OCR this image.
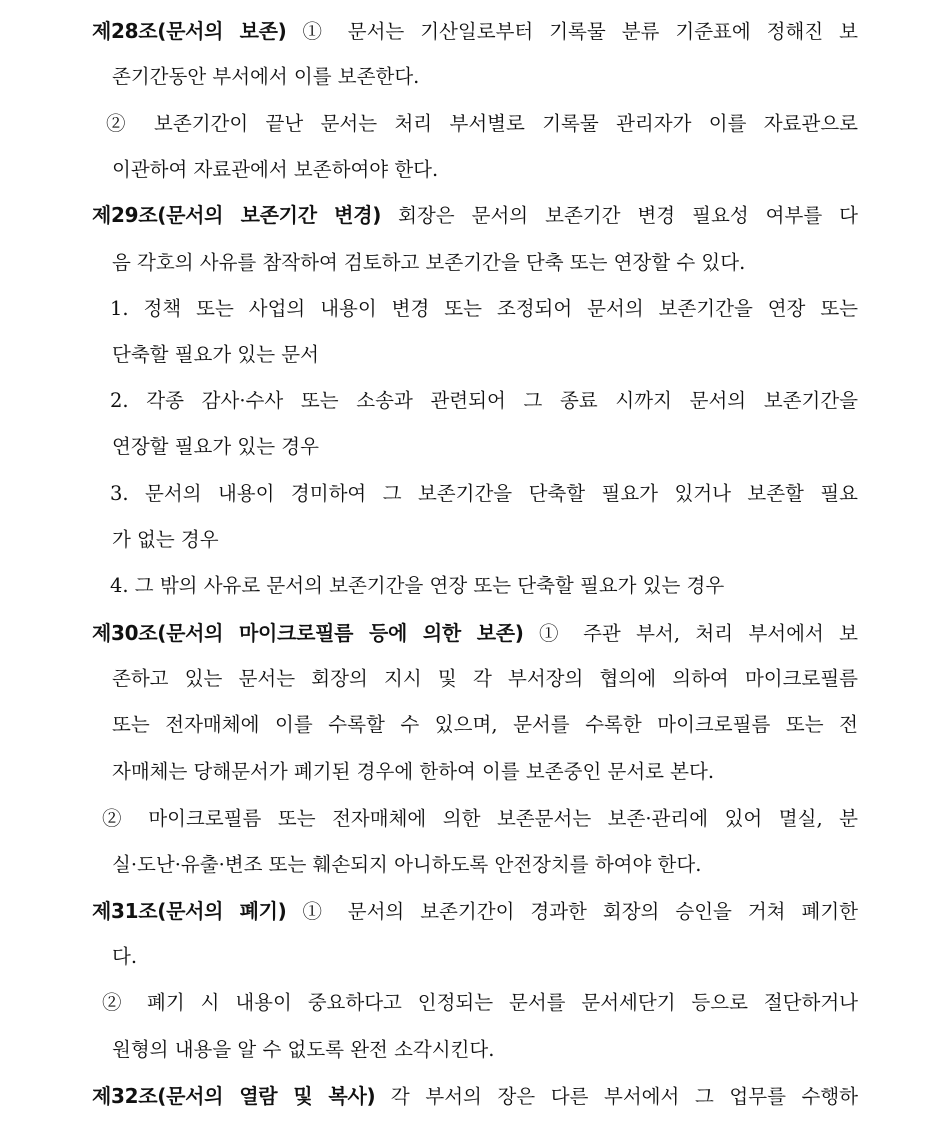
제28조(문서의 보존) ① 문서는 기산일로부터 기록물 분류 기준표에 정해진 보
존기간동안 부서에서 이를 보존한다.
② 보존기간이 끝난 문서는 처리 부서별로 기록물 관리자가 이를 자료관으로
이관하여 자료관에서 보존하여야 한다.
제29조(문서의 보존기간 변경) 회장은 문서의 보존기간 변경 필요성 여부를 다
음 각호의 사유를 참작하여 검토하고 보존기간을 단축 또는 연장할 수 있다.
1. 정책 또는 사업의 내용이 변경 또는 조정되어 문서의 보존기간을 연장 또는
단축할 필요가 있는 문서
2. 각종 감사·수사 또는 소송과 관련되어 그 종료 시까지 문서의 보존기간을
연장할 필요가 있는 경우
3. 문서의 내용이 경미하여 그 보존기간을 단축할 필요가 있거나 보존할 필요
가 없는 경우
4. 그 밖의 사유로 문서의 보존기간을 연장 또는 단축할 필요가 있는 경우
제30조(문서의 마이크로필름 등에 의한 보존) ① 주관 부서, 처리 부서에서 보
존하고 있는 문서는 회장의 지시 및 각 부서장의 협의에 의하여 마이크로필름
또는 전자매체에 이를 수록할 수 있으며, 문서를 수록한 마이크로필름 또는 전
자매체는 당해문서가 폐기된 경우에 한하여 이를 보존중인 문서로 본다.
② 마이크로필름 또는 전자매체에 의한 보존문서는 보존·관리에 있어 멸실, 분
실·도난·유출·변조 또는 훼손되지 아니하도록 안전장치를 하여야 한다.
제31조(문서의 폐기) ① 문서의 보존기간이 경과한 회장의 승인을 거쳐 폐기한
다.
② 폐기 시 내용이 중요하다고 인정되는 문서를 문서세단기 등으로 절단하거나
원형의 내용을 알 수 없도록 완전 소각시킨다.
제32조(문서의 열람 및 복사) 각 부서의 장은 다른 부서에서 그 업무를 수행하
